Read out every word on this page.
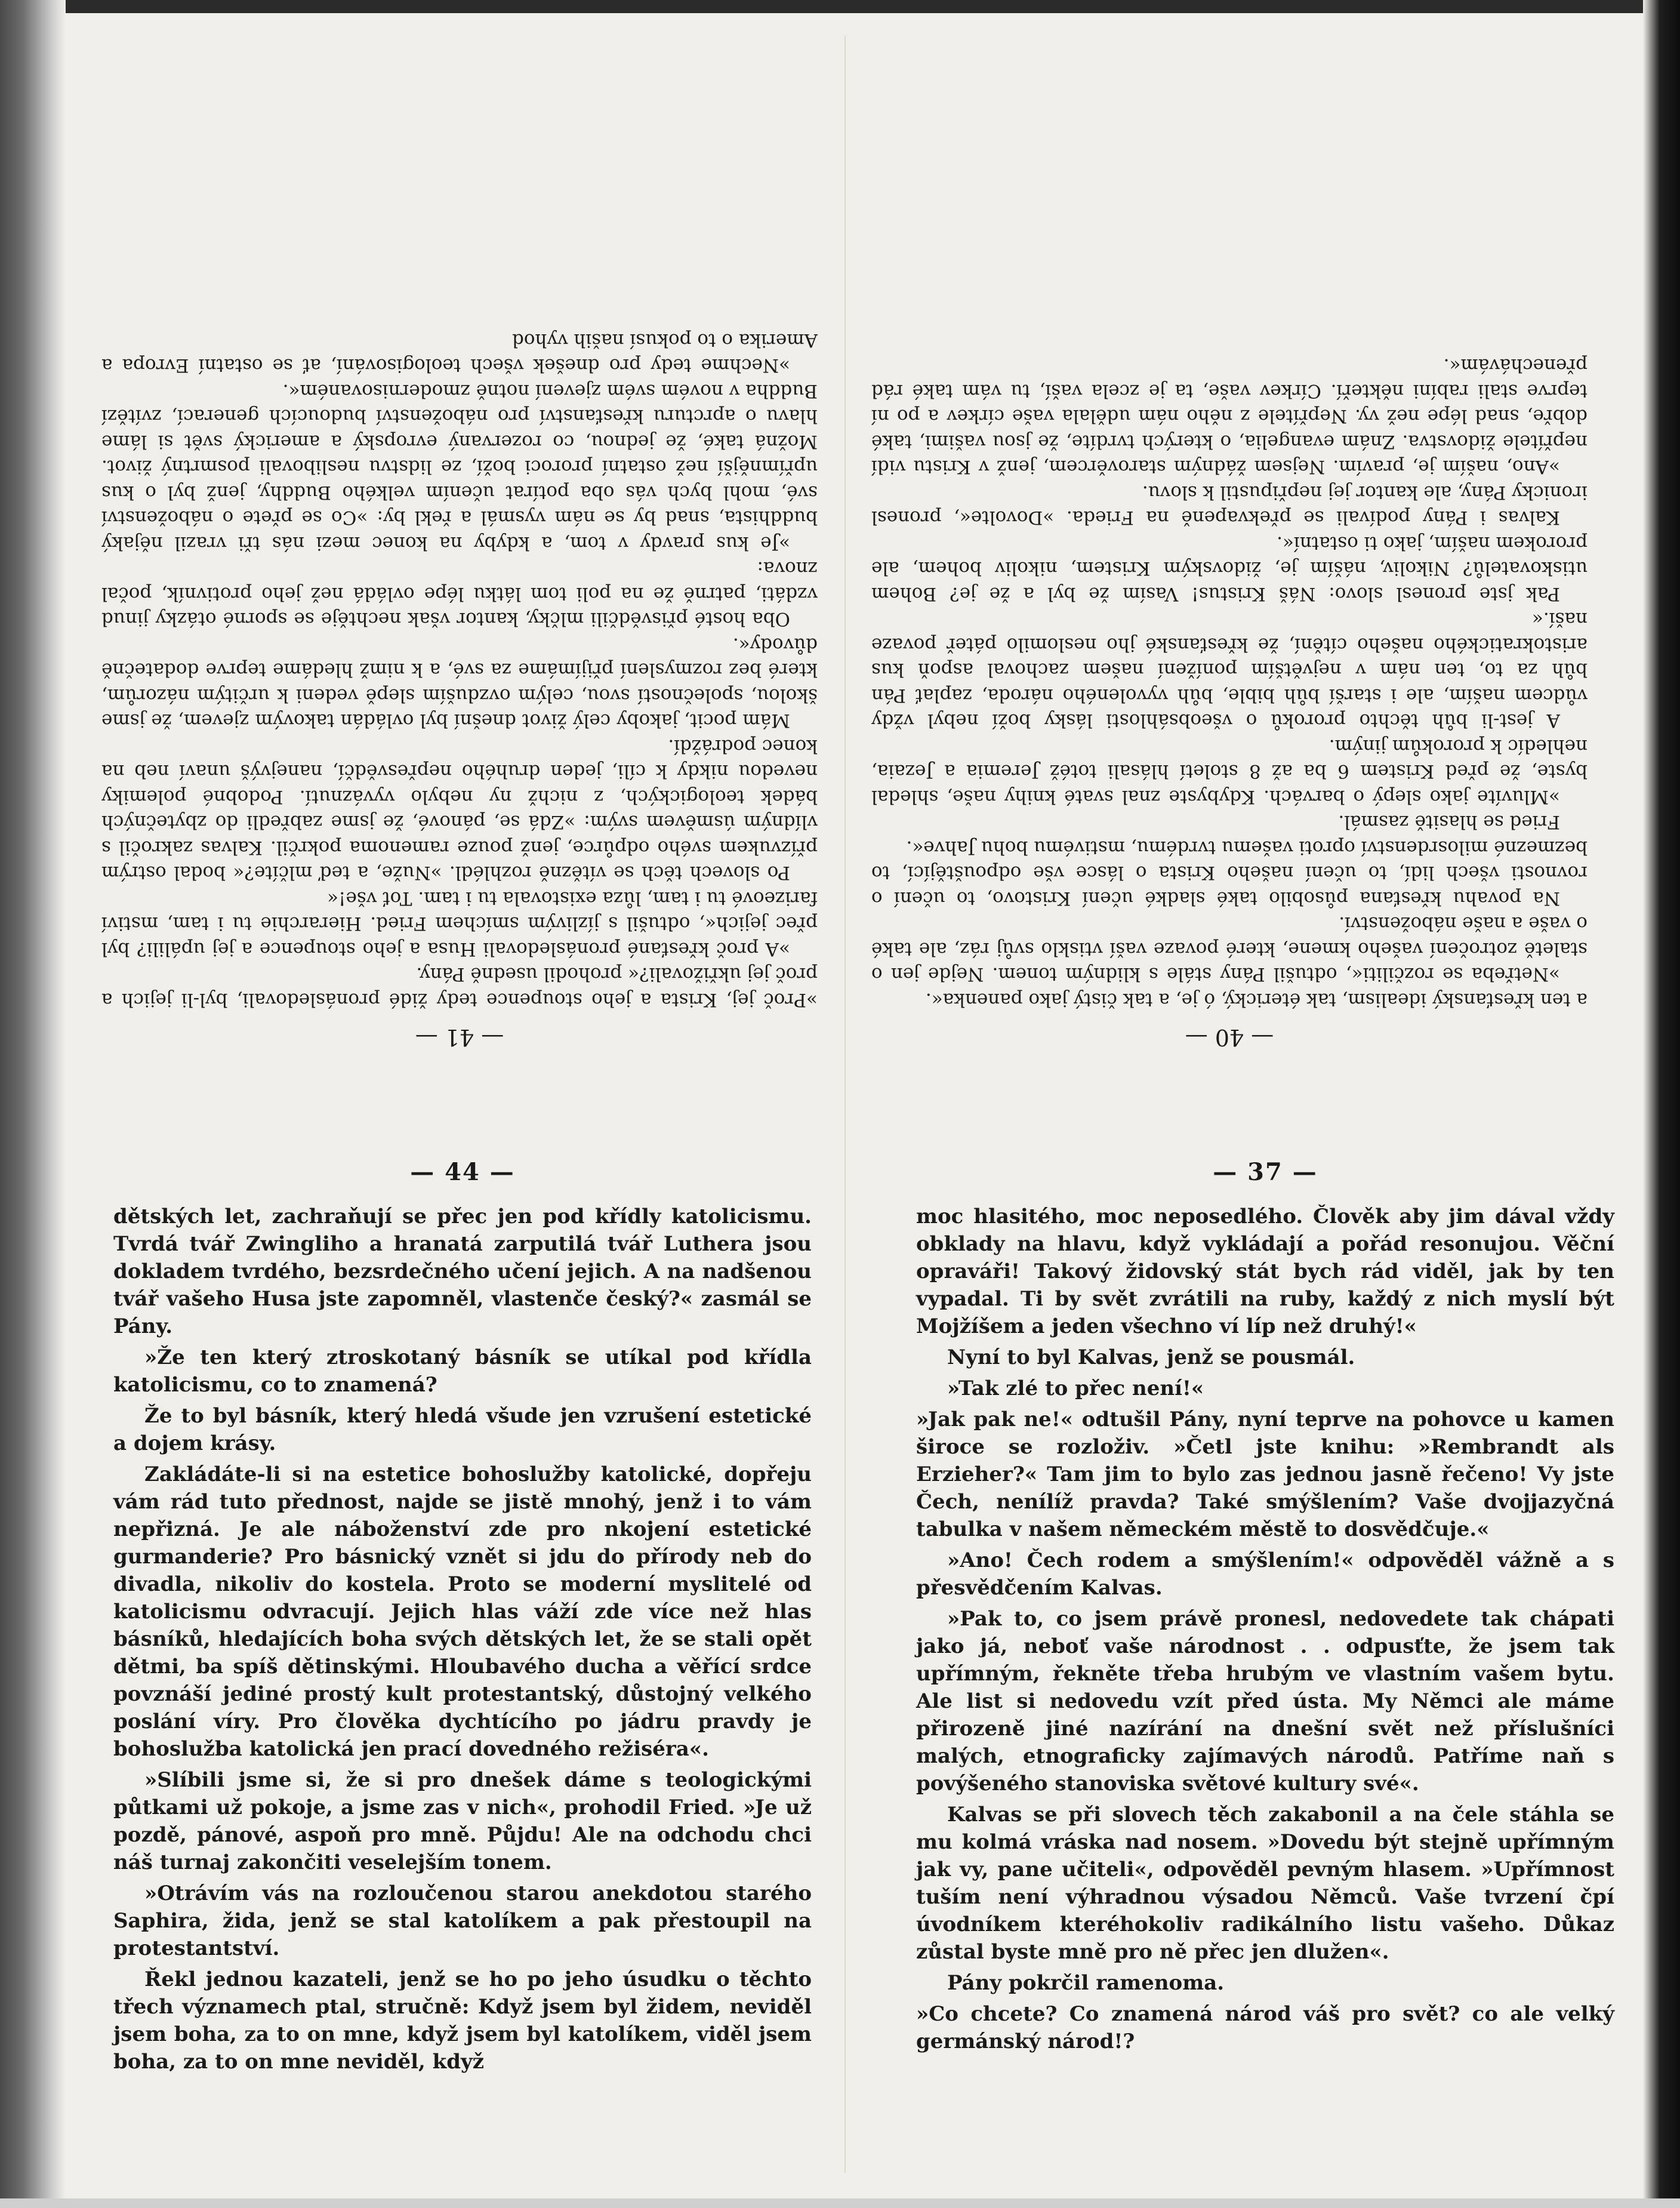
— 41 —

»Proč jej, Krista a jeho stoupence tedy židé pronásledovali, byl-li jejich a proč jej ukřižovali?« prohodil usedně Pány.

»A proč křesťané pronásledovali Husa a jeho stoupence a jej upálili? byl přec jejich«, odtušil s jízlivým smíchem Fried. Hierarchie tu i tam, mstiví farizeové tu i tam, lůza existovala tu i tam. Toť vše!«

Po slovech těch se vítězně rozhlédl. »Nuže, a teď mlčíte?« bodal ostrým přízvukem svého odpůrce, jenž pouze ramenoma pokrčil. Kalvas zakročil s vlídným úsměvem svým: »Zdá se, pánové, že jsme zabředli do zbytečných bádek teologických, z nichž ny nebylo vyváznutí. Podobné polemiky nevedou nikdy k cíli, jeden druhého nepřesvědčí, nanejvýš unaví neb na konec podráždí.

Mám pocit, jakoby celý život dnešní byl ovládán takovým zjevem, že jsme školou, společností svou, celým ovzduším slepě vedeni k určitým názorům, které bez rozmyslení přijímáme za své, a k nimž hledáme teprve dodatečně důvody«.

Oba hosté přisvědčili mlčky, kantor však nechtěje se sporné otázky jinud vzdáti, patrně že na poli tom látku lépe ovládá než jeho protivník, počal znova:

»Je kus pravdy v tom, a kdyby na konec mezi nás tři vrazil nějaký buddhista, snad by se nám vysmál a řekl by: »Co se přete o náboženství své, mohl bych vás oba potírat učením velkého Buddhy, jenž byl o kus upřímnější než ostatní proroci boží, ze lidstvu neslibovali posmrtný život. Možná také, že jednou, co rozervaný evropský a americký svět si láme hlavu o aprcturu křesťanství pro náboženství budoucích generací, zvítězí Buddha v novém svém zjevení notně zmodernisovaném«.

»Nechme tedy pro dnešek všech teologisování, ať se ostatní Evropa a Amerika o to pokusí naših vyhod

— 40 —

a ten křesťanský idealism, tak éterický, ó je, a tak čistý jako panenka«.

»Netřeba se rozčiliti«, odtušil Pány stále s klidným tonem. Nejde jen o staletě zotročení vašeho kmene, které povaze vaší vtisklo svůj ráz, ale také o vaše a naše náboženství.

Na povahu křesťana působilo také sladké učení Kristovo, to učení o rovnosti všech lidí, to učení našeho Krista o lásce vše odpouštějící, to bezmezné milosrdenství oproti vašemu tvrdému, mstivému bohu Jahve«.

Fried se hlasitě zasmál.

»Mluvíte jako slepý o barvách. Kdybyste znal svaté knihy naše, shledal byste, že před Kristem 6 ba až 8 století hlásali totéž Jeremia a Jezaia, nehledíc k prorokům jiným.

A jest-li bůh těchto proroků o všeobsáhlosti lásky boží nebyl vždy vůdcem naším, ale i starší bůh bible, bůh vyvoleného národa, zaplať Pán bůh za to, ten nám v největším ponížení našem zachoval aspoň kus aristokratického našeho cítění, že křesťanské jho neslomilo páteř povaze naší.«

Pak jste pronesl slovo: Náš Kristus! Vasím že byl a že je? Bohem utiskovatelů? Nikoliv, náším je, židovským Kristem, nikoliv bohem, ale prorokem naším, jako ti ostatní«.

Kalvas i Pány podívali se překvapeně na Frieda. »Dovolte«, pronesl ironicky Pány, ale kantor jej nepřipustil k slovu.

»Ano, naším je, pravím. Nejsem žádným starověrcem, jenž v Kristu vidí nepřítele židovstva. Znám evangelia, o kterých tvrdíte, že jsou vašimi, také dobře, snad lépe než vy. Nepřítele z něho nám udělala vaše církev a po ní teprve stali rabíni někteří. Církev vaše, ta je zcela vaší, tu vám také rád přenechávám«.

— 44 —

dětských let, zachraňují se přec jen pod křídly katolicismu. Tvrdá tvář Zwingliho a hranatá zarputilá tvář Luthera jsou dokladem tvrdého, bezsrdečného učení jejich. A na nadšenou tvář vašeho Husa jste zapomněl, vlastenče český?« zasmál se Pány.

»Že ten který ztroskotaný básník se utíkal pod křídla katolicismu, co to znamená?

Že to byl básník, který hledá všude jen vzrušení estetické a dojem krásy.

Zakládáte-li si na estetice bohoslužby katolické, dopřeju vám rád tuto přednost, najde se jistě mnohý, jenž i to vám nepřizná. Je ale náboženství zde pro nkojení estetické gurmanderie? Pro básnický vznět si jdu do přírody neb do divadla, nikoliv do kostela. Proto se moderní myslitelé od katolicismu odvracují. Jejich hlas váží zde více než hlas básníků, hledajících boha svých dětských let, že se stali opět dětmi, ba spíš dětinskými. Hloubavého ducha a věřící srdce povznáší jediné prostý kult protestantský, důstojný velkého poslání víry. Pro člověka dychtícího po jádru pravdy je bohoslužba katolická jen prací dovedného režiséra«.

»Slíbili jsme si, že si pro dnešek dáme s teologickými půtkami už pokoje, a jsme zas v nich«, prohodil Fried. »Je už pozdě, pánové, aspoň pro mně. Půjdu! Ale na odchodu chci náš turnaj zakončiti veselejším tonem.

»Otrávím vás na rozloučenou starou anekdotou starého Saphira, žida, jenž se stal katolíkem a pak přestoupil na protestantství.

Řekl jednou kazateli, jenž se ho po jeho úsudku o těchto třech významech ptal, stručně: Když jsem byl židem, neviděl jsem boha, za to on mne, když jsem byl katolíkem, viděl jsem boha, za to on mne neviděl, když

— 37 —

moc hlasitého, moc neposedlého. Člověk aby jim dával vždy obklady na hlavu, když vykládají a pořád resonujou. Věční opraváři! Takový židovský stát bych rád viděl, jak by ten vypadal. Ti by svět zvrátili na ruby, každý z nich myslí být Mojžíšem a jeden všechno ví líp než druhý!«

Nyní to byl Kalvas, jenž se pousmál.

»Tak zlé to přec není!«

»Jak pak ne!« odtušil Pány, nyní teprve na pohovce u kamen široce se rozloživ. »Četl jste knihu: »Rembrandt als Erzieher?« Tam jim to bylo zas jednou jasně řečeno! Vy jste Čech, nenílíž pravda? Také smýšlením? Vaše dvojjazyčná tabulka v našem německém městě to dosvědčuje.«

»Ano! Čech rodem a smýšlením!« odpověděl vážně a s přesvědčením Kalvas.

»Pak to, co jsem právě pronesl, nedovedete tak chápati jako já, neboť vaše národnost . . odpusťte, že jsem tak upřímným, řekněte třeba hrubým ve vlastním vašem bytu. Ale list si nedovedu vzít před ústa. My Němci ale máme přirozeně jiné nazírání na dnešní svět než příslušníci malých, etnograficky zajímavých národů. Patříme naň s povýšeného stanoviska světové kultury své«.

Kalvas se při slovech těch zakabonil a na čele stáhla se mu kolmá vráska nad nosem. »Dovedu být stejně upřímným jak vy, pane učiteli«, odpověděl pevným hlasem. »Upřímnost tuším není výhradnou výsadou Němců. Vaše tvrzení čpí úvodníkem kteréhokoliv radikálního listu vašeho. Důkaz zůstal byste mně pro ně přec jen dlužen«.

Pány pokrčil ramenoma.

»Co chcete? Co znamená národ váš pro svět? co ale velký germánský národ!?
